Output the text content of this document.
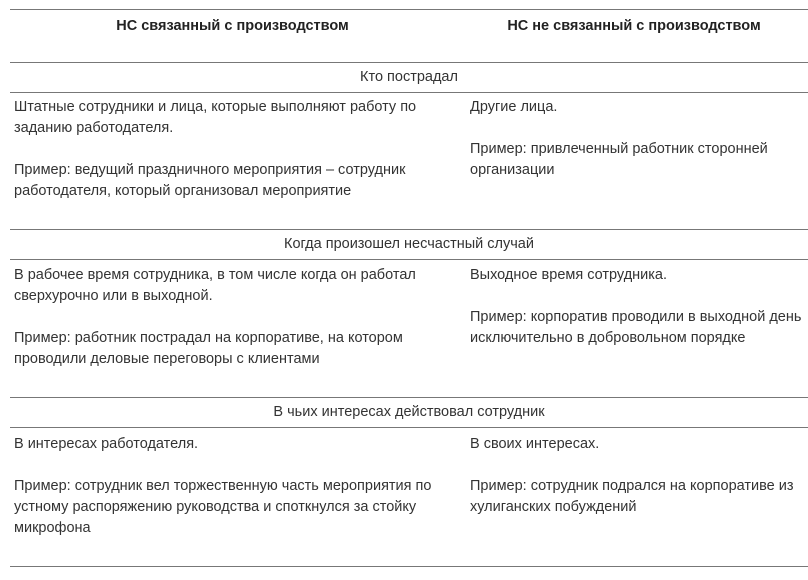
НС связанный с производством	НС не связанный с производством
Кто пострадал

Штатные сотрудники и лица, которые выполняют работу по заданию работодателя.

Пример: ведущий праздничного мероприятия – сотрудник работодателя, который организовал мероприятие

Другие лица.

Пример: привлеченный работник сторонней организации

Когда произошел несчастный случай

В рабочее время сотрудника, в том числе когда он работал сверхурочно или в выходной.

Пример: работник пострадал на корпоративе, на котором проводили деловые переговоры с клиентами

Выходное время сотрудника.

Пример: корпоратив проводили в выходной день исключительно в добровольном порядке

В чьих интересах действовал сотрудник

В интересах работодателя.

Пример: сотрудник вел торжественную часть мероприятия по устному распоряжению руководства и споткнулся за стойку микрофона

В своих интересах.

Пример: сотрудник подрался на корпоративе из хулиганских побуждений
